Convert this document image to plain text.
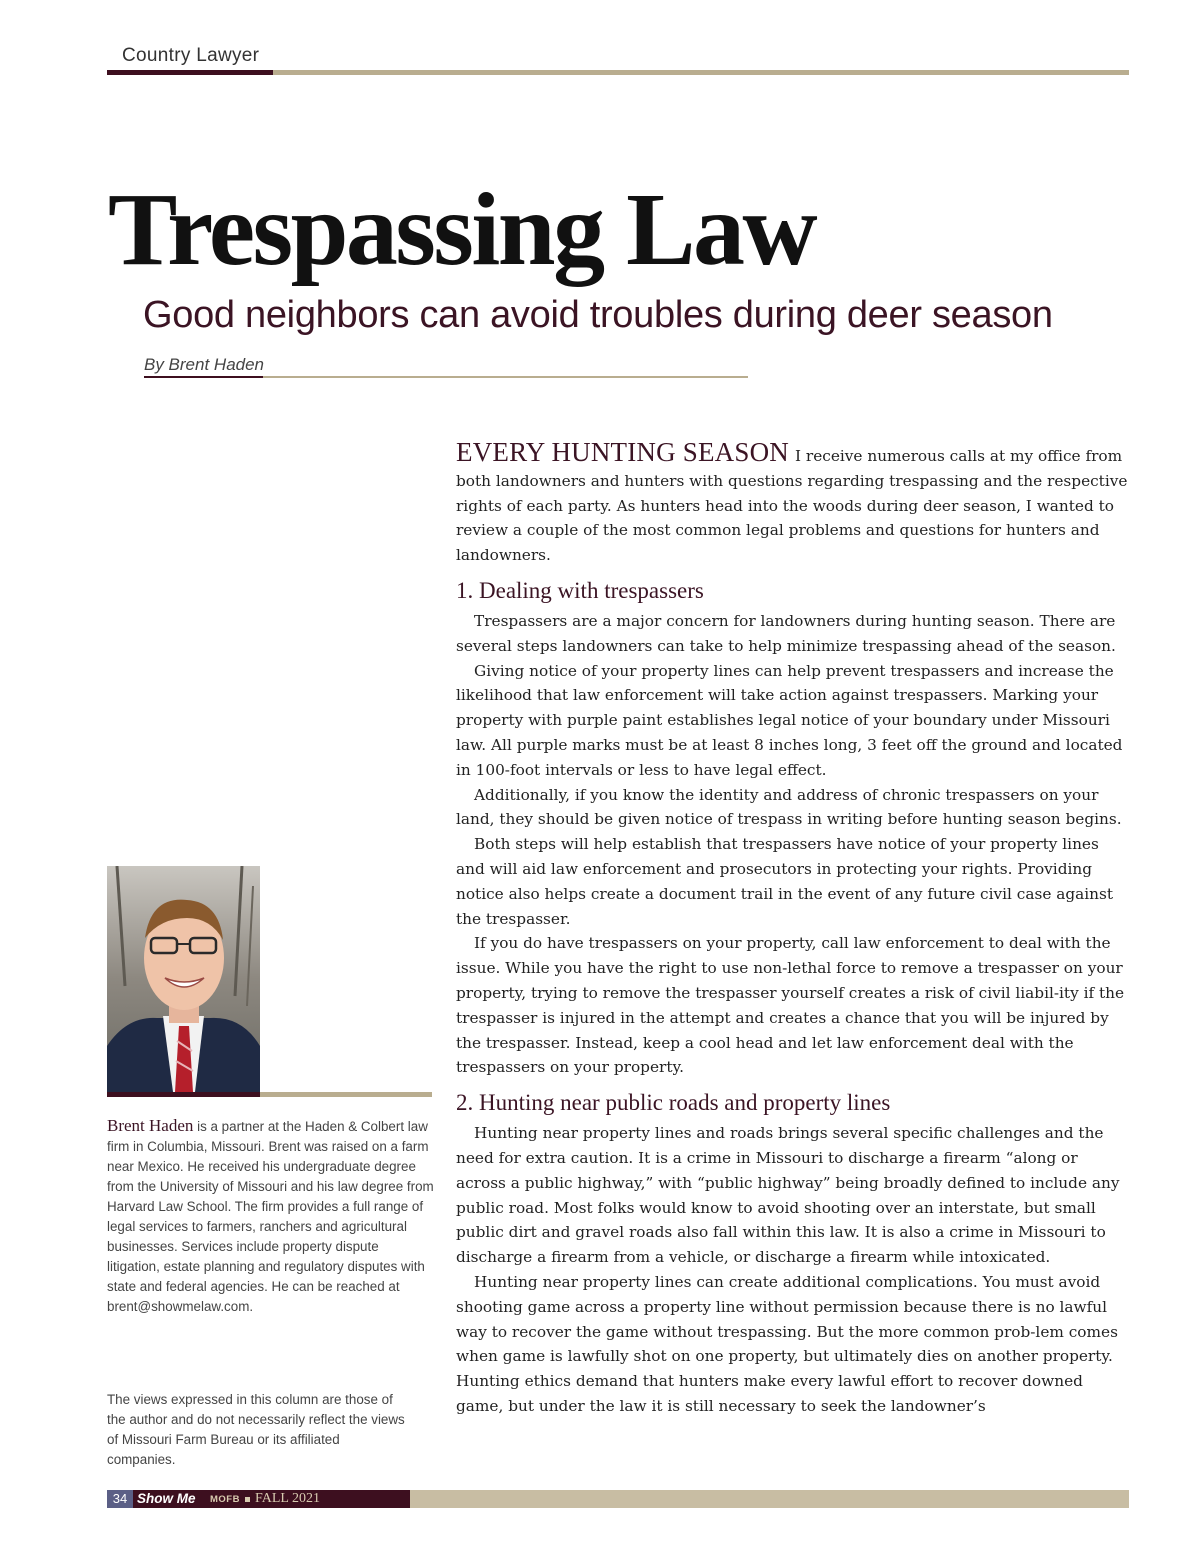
Country Lawyer
Trespassing Law
Good neighbors can avoid troubles during deer season
By Brent Haden
Brent Haden is a partner at the Haden & Colbert law firm in Columbia, Missouri. Brent was raised on a farm near Mexico. He received his undergraduate degree from the University of Missouri and his law degree from Harvard Law School. The firm provides a full range of legal services to farmers, ranchers and agricultural businesses. Services include property dispute litigation, estate planning and regulatory disputes with state and federal agencies. He can be reached at brent@showmelaw.com.
The views expressed in this column are those of the author and do not necessarily reflect the views of Missouri Farm Bureau or its affiliated companies.

EVERY HUNTING SEASON I receive numerous calls at my office from both landowners and hunters with questions regarding trespassing and the respective rights of each party. As hunters head into the woods during deer season, I wanted to review a couple of the most common legal problems and questions for hunters and landowners.

1. Dealing with trespassers

Trespassers are a major concern for landowners during hunting season. There are several steps landowners can take to help minimize trespassing ahead of the season.

Giving notice of your property lines can help prevent trespassers and increase the likelihood that law enforcement will take action against trespassers. Marking your property with purple paint establishes legal notice of your boundary under Missouri law. All purple marks must be at least 8 inches long, 3 feet off the ground and located in 100-foot intervals or less to have legal effect.

Additionally, if you know the identity and address of chronic trespassers on your land, they should be given notice of trespass in writing before hunting season begins.

Both steps will help establish that trespassers have notice of your property lines and will aid law enforcement and prosecutors in protecting your rights. Providing notice also helps create a document trail in the event of any future civil case against the trespasser.

If you do have trespassers on your property, call law enforcement to deal with the issue. While you have the right to use non-lethal force to remove a trespasser on your property, trying to remove the trespasser yourself creates a risk of civil liabil-ity if the trespasser is injured in the attempt and creates a chance that you will be injured by the trespasser. Instead, keep a cool head and let law enforcement deal with the trespassers on your property.

2. Hunting near public roads and property lines

Hunting near property lines and roads brings several specific challenges and the need for extra caution. It is a crime in Missouri to discharge a firearm “along or across a public highway,” with “public highway” being broadly defined to include any public road. Most folks would know to avoid shooting over an interstate, but small public dirt and gravel roads also fall within this law. It is also a crime in Missouri to discharge a firearm from a vehicle, or discharge a firearm while intoxicated.

Hunting near property lines can create additional complications. You must avoid shooting game across a property line without permission because there is no lawful way to recover the game without trespassing. But the more common prob-lem comes when game is lawfully shot on one property, but ultimately dies on another property. Hunting ethics demand that hunters make every lawful effort to recover downed game, but under the law it is still necessary to seek the landowner’s

34 Show Me MOFB FALL 2021
